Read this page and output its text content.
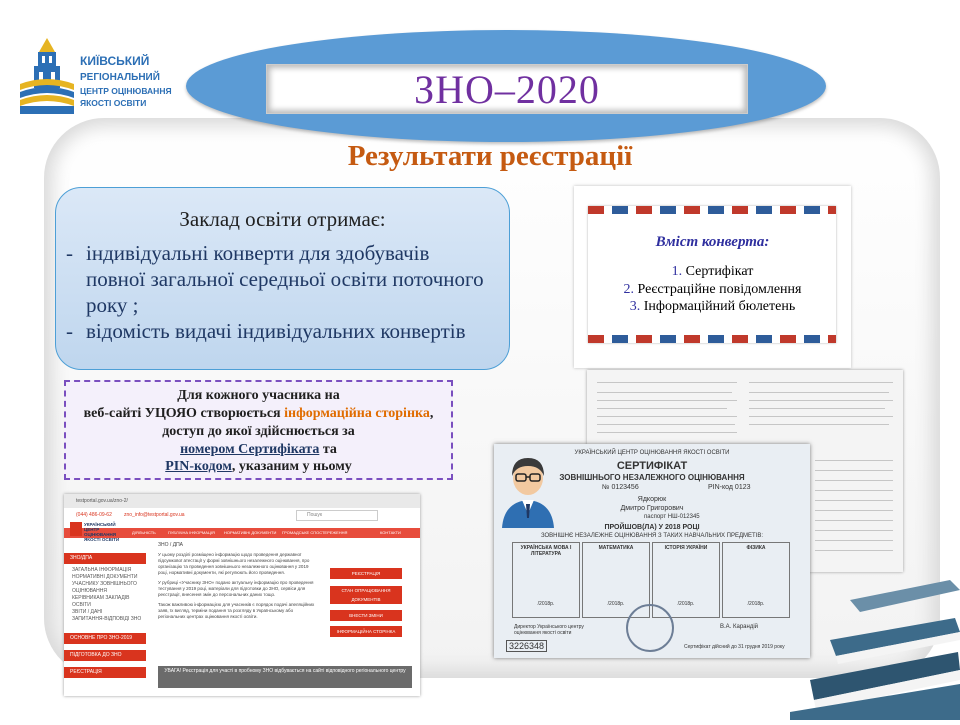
КИЇВСЬКИЙ
РЕГІОНАЛЬНИЙ
ЦЕНТР ОЦІНЮВАННЯ
ЯКОСТІ ОСВІТИ	ЗНО–2020
Результати реєстрації
Заклад освіти отримає:
- індивідуальні конверти для здобувачів
повної загальної середньої освіти поточного
року ;
- відомість видачі індивідуальних конвертів
Вміст конверта:
1. Сертифікат
2. Реєстраційне повідомлення
3. Інформаційний бюлетень
Для кожного учасника на
веб-сайті УЦОЯО створюється інформаційна сторінка,
доступ до якої здійснюється за
номером Сертифіката та
PIN-кодом, указаним у ньому
testportal.gov.ua/zno-2/
(044) 486-09-62 zno_info@testportal.gov.ua	Пошук
ДІЯЛЬНІСТЬ	ПУБЛІЧНА ІНФОРМАЦІЯ НОРМАТИВНІ ДОКУМЕНТИ ГРОМАДСЬКЕ СПОСТЕРЕЖЕННЯ	КОНТАКТИ
УКРАЇНСЬКИЙ ЦЕНТР ОЦІНЮВАННЯ ЯКОСТІ ОСВІТИ
ЗНО / ДПА
ЗНО/ДПА
ЗАГАЛЬНА ІНФОРМАЦІЯ
НОРМАТИВНІ ДОКУМЕНТИ
УЧАСНИКУ ЗОВНІШНЬОГО ОЦІНЮВАННЯ
КЕРІВНИКАМ ЗАКЛАДІВ ОСВІТИ
ЗВІТИ / ДАНІ
ЗАПИТАННЯ-ВІДПОВІДІ ЗНО
ОСНОВНЕ ПРО ЗНО-2019
ПІДГОТОВКА ДО ЗНО
РЕЄСТРАЦІЯ
У цьому розділі розміщено інформацію щодо проведення державної підсумкової атестації у формі зовнішнього незалежного оцінювання, про організацію та проведення зовнішнього незалежного оцінювання у 2019 році, нормативні документи, які регулюють його проведення.
У рубриці «Учаснику ЗНО» подано актуальну інформацію про проведення тестування у 2019 році, матеріали для підготовки до ЗНО, сервіси для реєстрації, внесення змін до персональних даних тощо.
Також важливою інформацією для учасників є порядок подачі апеляційних заяв, їх вигляд, терміни подання та розгляду в Українському або регіональних центрах оцінювання якості освіти.
РЕЄСТРАЦІЯ
СТАН ОПРАЦЮВАННЯ ДОКУМЕНТІВ
ВНЕСТИ ЗМІНИ
ІНФОРМАЦІЙНА СТОРІНКА
УВАГА! Реєстрація для участі в пробному ЗНО відбувається на сайті відповідного регіонального центру
УКРАЇНСЬКИЙ ЦЕНТР ОЦІНЮВАННЯ ЯКОСТІ ОСВІТИ
СЕРТИФІКАТ
ЗОВНІШНЬОГО НЕЗАЛЕЖНОГО ОЦІНЮВАННЯ
№ 0123456	PIN-код 0123
Ядкорюк
Дмитро Григорович
паспорт НШ-012345
ПРОЙШОВ(ЛА) У 2018 РОЦІ
ЗОВНІШНЄ НЕЗАЛЕЖНЕ ОЦІНЮВАННЯ З ТАКИХ НАВЧАЛЬНИХ ПРЕДМЕТІВ:
УКРАЇНСЬКА МОВА І ЛІТЕРАТУРА
/2018р.
МАТЕМАТИКА
/2018р.
ІСТОРІЯ УКРАЇНИ
/2018р.
ФІЗИКА
/2018р.
Директор Українського центру оцінювання якості освіти
В.А. Карандій
3226348	Сертифікат дійсний до 31 грудня 2019 року
